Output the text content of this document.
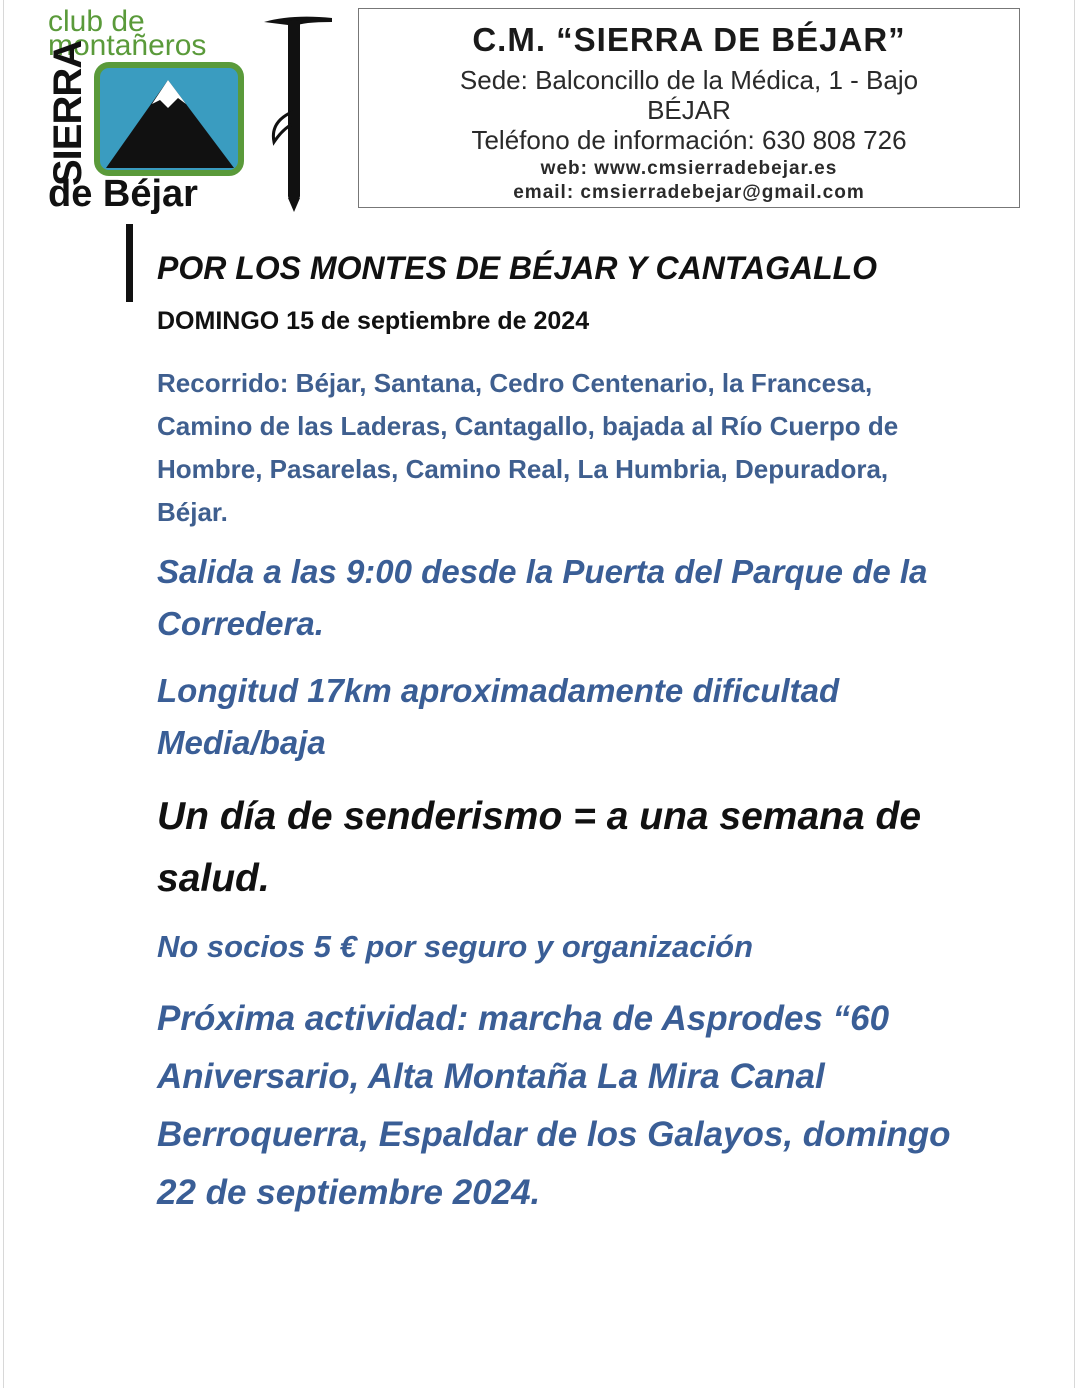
club de
montañeros
SIERRA
de Béjar
C.M. “SIERRA DE BÉJAR”
Sede: Balconcillo de la Médica, 1 - Bajo
BÉJAR
Teléfono de información: 630 808 726
web: www.cmsierradebejar.es
email: cmsierradebejar@gmail.com
POR LOS MONTES DE BÉJAR Y CANTAGALLO
DOMINGO 15 de septiembre de 2024
Recorrido: Béjar, Santana, Cedro Centenario, la Francesa, Camino de las Laderas, Cantagallo, bajada al Río Cuerpo de Hombre, Pasarelas, Camino Real, La Humbria, Depuradora, Béjar.
Salida a las 9:00 desde la Puerta del Parque de la Corredera.
Longitud 17km aproximadamente dificultad Media/baja
Un día de senderismo = a una semana de salud.
No socios 5 € por seguro y organización
Próxima actividad: marcha de Asprodes “60 Aniversario, Alta Montaña La Mira Canal Berroquerra, Espaldar de los Galayos, domingo 22 de septiembre 2024.
